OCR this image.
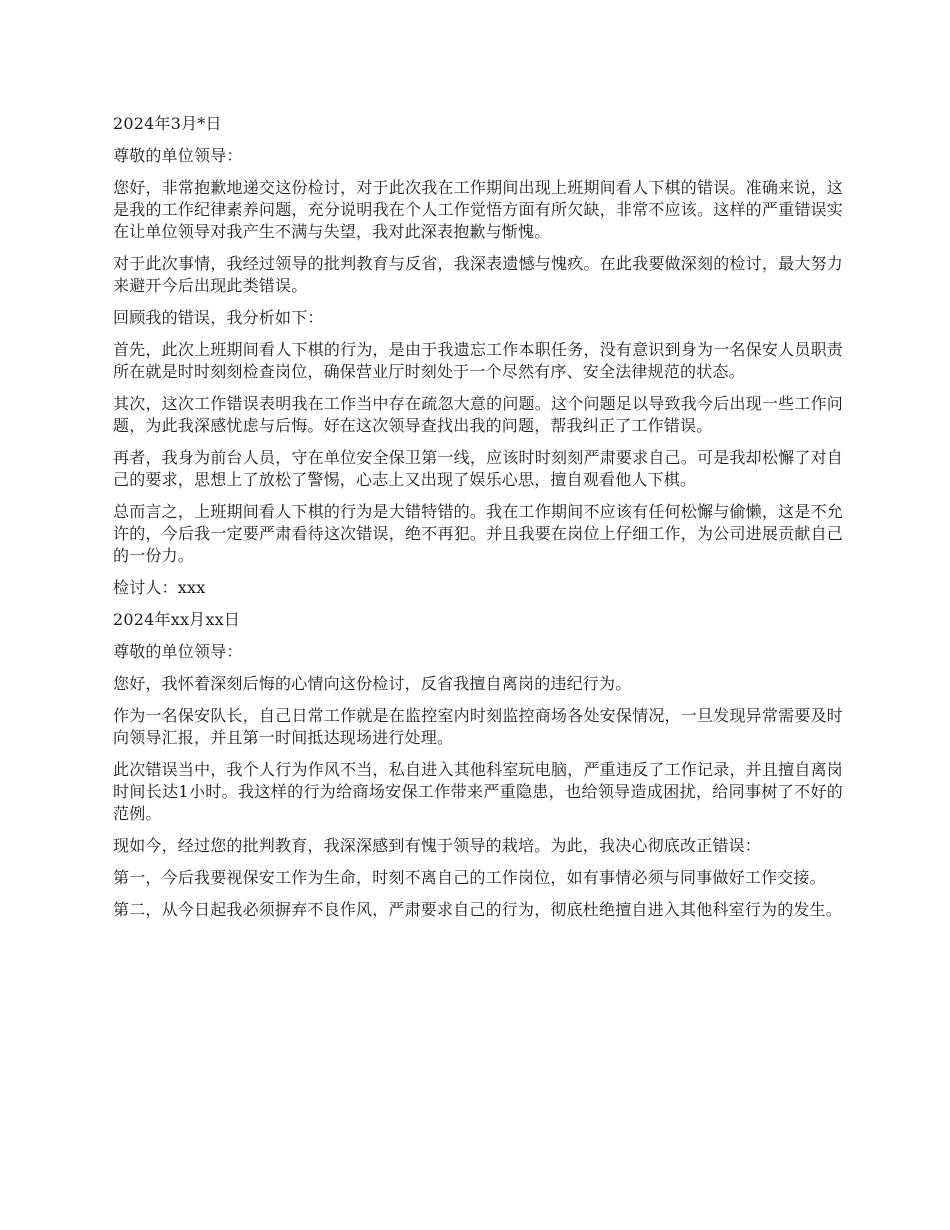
2024年3月*日

尊敬的单位领导：

您好，非常抱歉地递交这份检讨，对于此次我在工作期间出现上班期间看人下棋的错误。准确来说，这是我的工作纪律素养问题，充分说明我在个人工作觉悟方面有所欠缺，非常不应该。这样的严重错误实在让单位领导对我产生不满与失望，我对此深表抱歉与惭愧。

对于此次事情，我经过领导的批判教育与反省，我深表遗憾与愧疚。在此我要做深刻的检讨，最大努力来避开今后出现此类错误。

回顾我的错误，我分析如下：

首先，此次上班期间看人下棋的行为，是由于我遗忘工作本职任务，没有意识到身为一名保安人员职责所在就是时时刻刻检查岗位，确保营业厅时刻处于一个尽然有序、安全法律规范的状态。

其次，这次工作错误表明我在工作当中存在疏忽大意的问题。这个问题足以导致我今后出现一些工作问题，为此我深感忧虑与后悔。好在这次领导查找出我的问题，帮我纠正了工作错误。

再者，我身为前台人员，守在单位安全保卫第一线，应该时时刻刻严肃要求自己。可是我却松懈了对自己的要求，思想上了放松了警惕，心志上又出现了娱乐心思，擅自观看他人下棋。

总而言之，上班期间看人下棋的行为是大错特错的。我在工作期间不应该有任何松懈与偷懒，这是不允许的，今后我一定要严肃看待这次错误，绝不再犯。并且我要在岗位上仔细工作，为公司进展贡献自己的一份力。

检讨人：xxx

2024年xx月xx日

尊敬的单位领导：

您好，我怀着深刻后悔的心情向这份检讨，反省我擅自离岗的违纪行为。

作为一名保安队长，自己日常工作就是在监控室内时刻监控商场各处安保情况，一旦发现异常需要及时向领导汇报，并且第一时间抵达现场进行处理。

此次错误当中，我个人行为作风不当，私自进入其他科室玩电脑，严重违反了工作记录，并且擅自离岗时间长达1小时。我这样的行为给商场安保工作带来严重隐患，也给领导造成困扰，给同事树了不好的范例。

现如今，经过您的批判教育，我深深感到有愧于领导的栽培。为此，我决心彻底改正错误：

第一，今后我要视保安工作为生命，时刻不离自己的工作岗位，如有事情必须与同事做好工作交接。

第二，从今日起我必须摒弃不良作风，严肃要求自己的行为，彻底杜绝擅自进入其他科室行为的发生。
